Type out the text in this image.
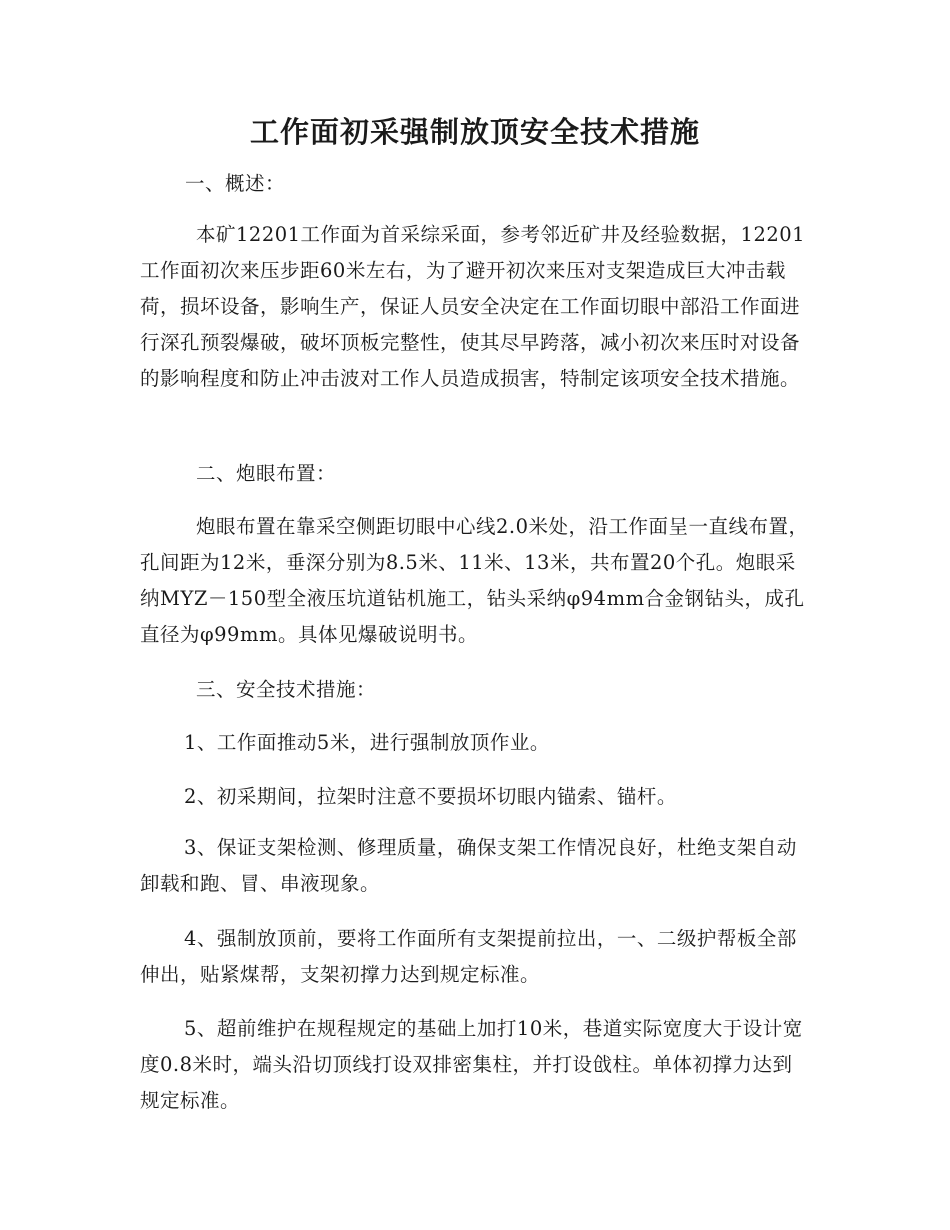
工作面初采强制放顶安全技术措施
一、概述：

本矿12201工作面为首采综采面，参考邻近矿井及经验数据，12201工作面初次来压步距60米左右，为了避开初次来压对支架造成巨大冲击载荷，损坏设备，影响生产，保证人员安全决定在工作面切眼中部沿工作面进行深孔预裂爆破，破坏顶板完整性，使其尽早跨落，减小初次来压时对设备的影响程度和防止冲击波对工作人员造成损害，特制定该项安全技术措施。

二、炮眼布置：

炮眼布置在靠采空侧距切眼中心线2.0米处，沿工作面呈一直线布置，孔间距为12米，垂深分别为8.5米、11米、13米，共布置20个孔。炮眼采纳MYZ－150型全液压坑道钻机施工，钻头采纳φ94mm合金钢钻头，成孔直径为φ99mm。具体见爆破说明书。

三、安全技术措施：

1、工作面推动5米，进行强制放顶作业。

2、初采期间，拉架时注意不要损坏切眼内锚索、锚杆。

3、保证支架检测、修理质量，确保支架工作情况良好，杜绝支架自动卸载和跑、冒、串液现象。

4、强制放顶前，要将工作面所有支架提前拉出，一、二级护帮板全部伸出，贴紧煤帮，支架初撑力达到规定标准。

5、超前维护在规程规定的基础上加打10米，巷道实际宽度大于设计宽度0.8米时，端头沿切顶线打设双排密集柱，并打设戗柱。单体初撑力达到规定标准。
